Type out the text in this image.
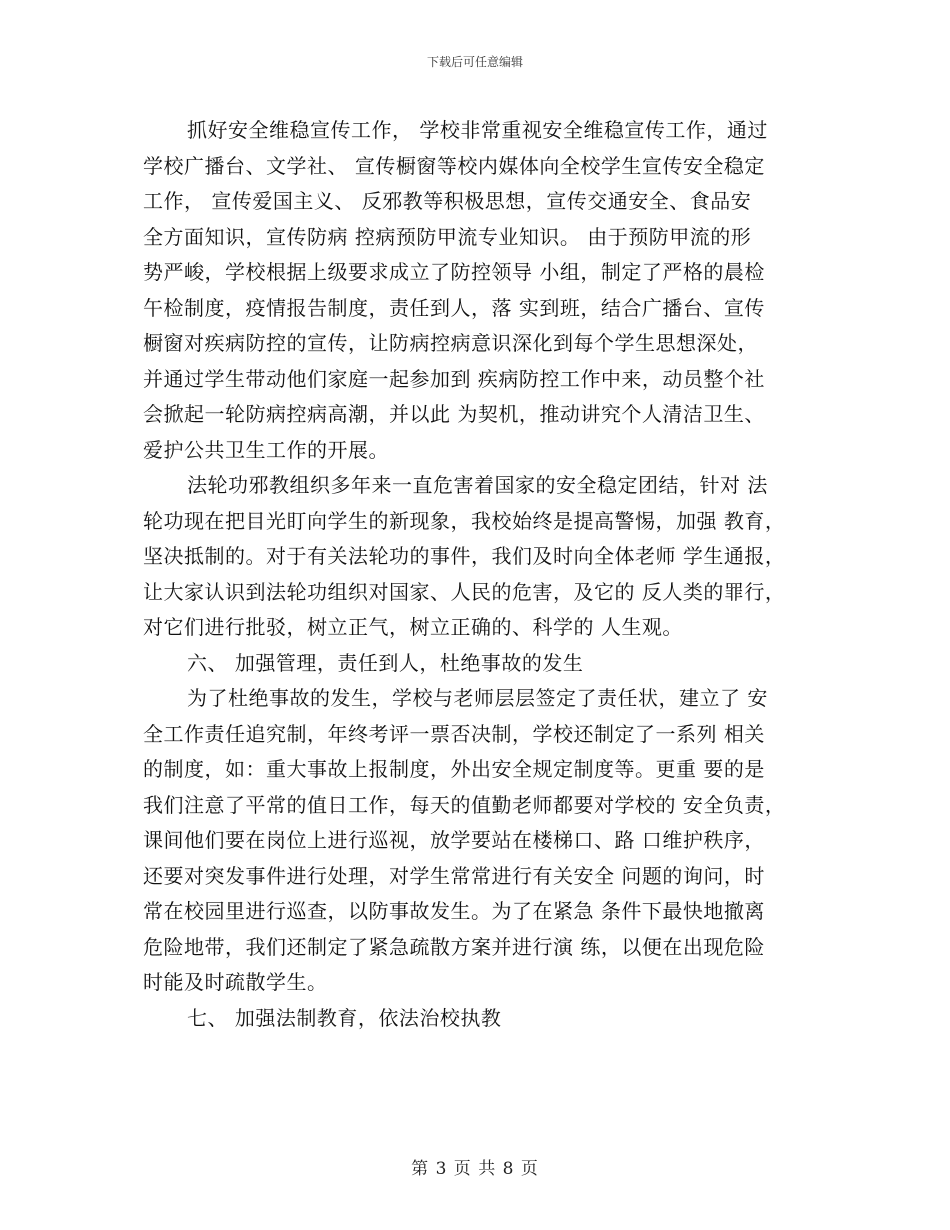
下载后可任意编辑
抓好安全维稳宣传工作， 学校非常重视安全维稳宣传工作，通过
学校广播台、文学社、 宣传橱窗等校内媒体向全校学生宣传安全稳定
工作， 宣传爱国主义、 反邪教等积极思想，宣传交通安全、食品安
全方面知识，宣传防病 控病预防甲流专业知识。 由于预防甲流的形
势严峻，学校根据上级要求成立了防控领导 小组，制定了严格的晨检
午检制度，疫情报告制度，责任到人，落 实到班，结合广播台、宣传
橱窗对疾病防控的宣传，让防病控病意识深化到每个学生思想深处，
并通过学生带动他们家庭一起参加到 疾病防控工作中来，动员整个社
会掀起一轮防病控病高潮，并以此 为契机，推动讲究个人清洁卫生、
爱护公共卫生工作的开展。
法轮功邪教组织多年来一直危害着国家的安全稳定团结，针对 法
轮功现在把目光盯向学生的新现象，我校始终是提高警惕，加强 教育，
坚决抵制的。对于有关法轮功的事件，我们及时向全体老师 学生通报，
让大家认识到法轮功组织对国家、人民的危害，及它的 反人类的罪行，
对它们进行批驳，树立正气，树立正确的、科学的 人生观。
六、 加强管理，责任到人，杜绝事故的发生
为了杜绝事故的发生，学校与老师层层签定了责任状，建立了 安
全工作责任追究制，年终考评一票否决制，学校还制定了一系列 相关
的制度，如：重大事故上报制度，外出安全规定制度等。更重 要的是
我们注意了平常的值日工作，每天的值勤老师都要对学校的 安全负责，
课间他们要在岗位上进行巡视，放学要站在楼梯口、路 口维护秩序，
还要对突发事件进行处理，对学生常常进行有关安全 问题的询问，时
常在校园里进行巡查，以防事故发生。为了在紧急 条件下最快地撤离
危险地带，我们还制定了紧急疏散方案并进行演 练，以便在出现危险
时能及时疏散学生。
七、 加强法制教育，依法治校执教
第 3 页 共 8 页
